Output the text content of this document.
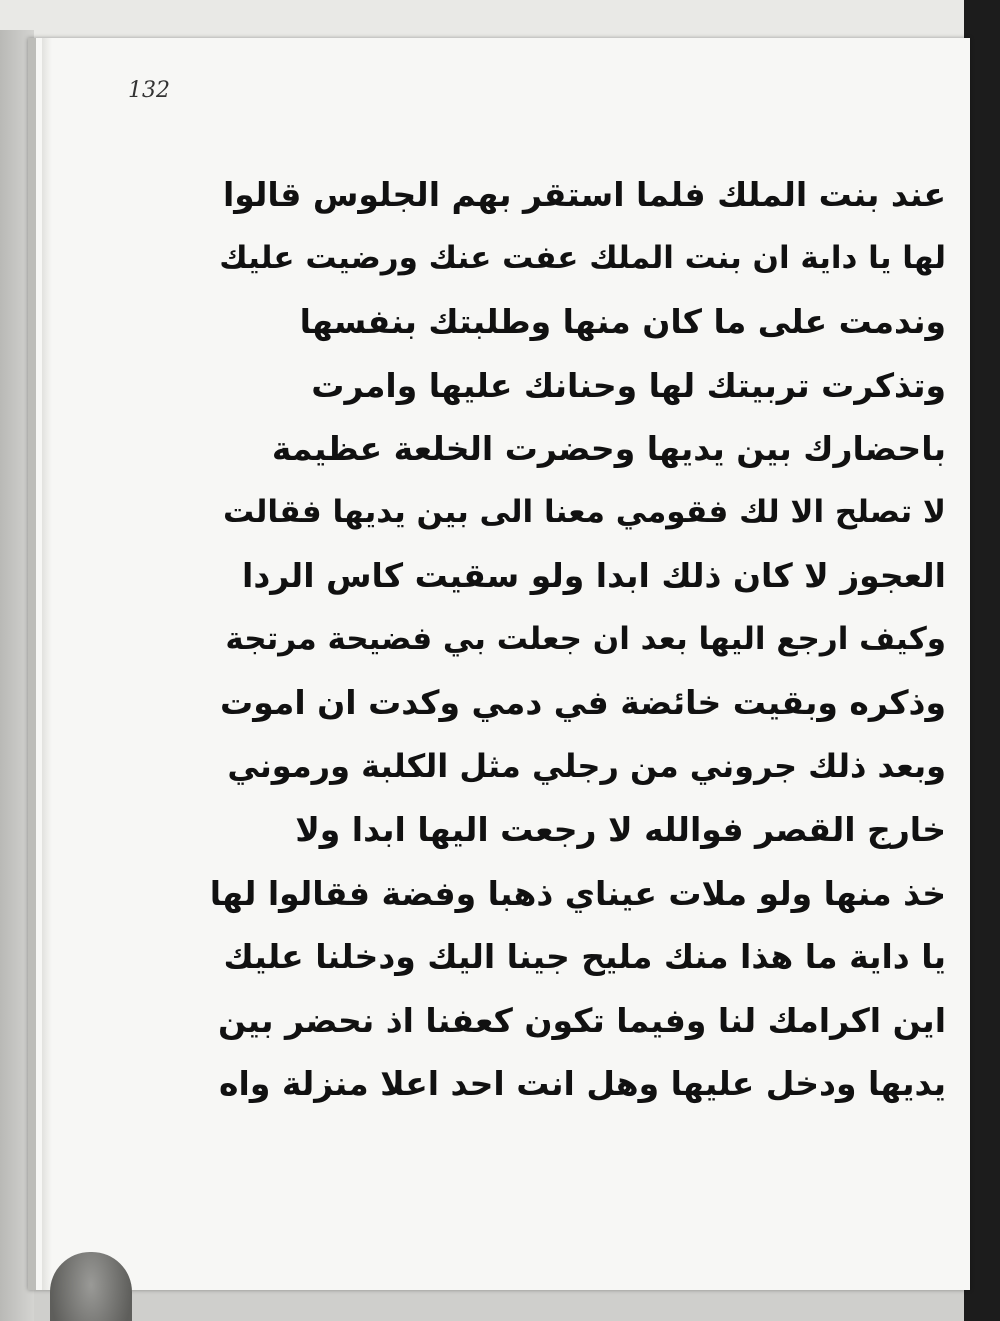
132
عند بنت الملك فلما استقر بهم الجلوس قالوا
لها يا داية ان بنت الملك عفت عنك ورضيت عليك
وندمت على ما كان منها وطلبتك بنفسها
وتذكرت تربيتك لها وحنانك عليها وامرت
باحضارك بين يديها وحضرت الخلعة عظيمة
لا تصلح الا لك فقومي معنا الى بين يديها فقالت
العجوز لا كان ذلك ابدا ولو سقيت كاس الردا
وكيف ارجع اليها بعد ان جعلت بي فضيحة مرتجة
وذكره وبقيت خائضة في دمي وكدت ان اموت
وبعد ذلك جروني من رجلي مثل الكلبة ورموني
خارج القصر فوالله لا رجعت اليها ابدا ولا
خذ منها ولو ملات عيناي ذهبا وفضة فقالوا لها
يا داية ما هذا منك مليح جينا اليك ودخلنا عليك
اين اكرامك لنا وفيما تكون كعفنا اذ نحضر بين
يديها ودخل عليها وهل انت احد اعلا منزلة واه
